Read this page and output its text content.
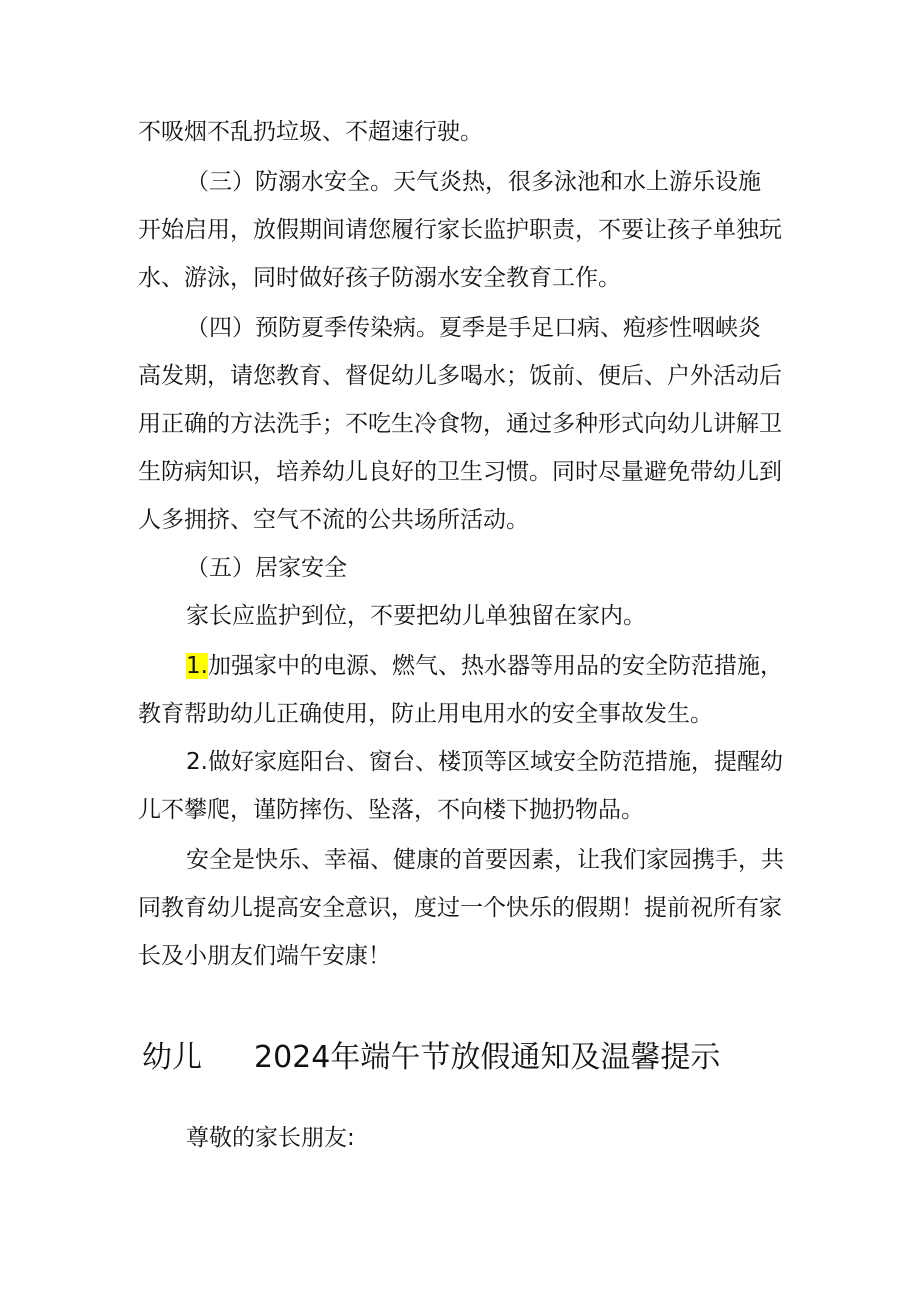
不吸烟不乱扔垃圾、不超速行驶。
（三）防溺水安全。天气炎热，很多泳池和水上游乐设施
开始启用，放假期间请您履行家长监护职责，不要让孩子单独玩
水、游泳，同时做好孩子防溺水安全教育工作。
（四）预防夏季传染病。夏季是手足口病、疱疹性咽峡炎
高发期，请您教育、督促幼儿多喝水；饭前、便后、户外活动后
用正确的方法洗手；不吃生冷食物，通过多种形式向幼儿讲解卫
生防病知识，培养幼儿良好的卫生习惯。同时尽量避免带幼儿到
人多拥挤、空气不流的公共场所活动。
（五）居家安全
家长应监护到位，不要把幼儿单独留在家内。
1.加强家中的电源、燃气、热水器等用品的安全防范措施，
教育帮助幼儿正确使用，防止用电用水的安全事故发生。
2.做好家庭阳台、窗台、楼顶等区域安全防范措施，提醒幼
儿不攀爬，谨防摔伤、坠落，不向楼下抛扔物品。
安全是快乐、幸福、健康的首要因素，让我们家园携手，共
同教育幼儿提高安全意识，度过一个快乐的假期！提前祝所有家
长及小朋友们端午安康！
幼儿 2024年端午节放假通知及温馨提示
尊敬的家长朋友:
